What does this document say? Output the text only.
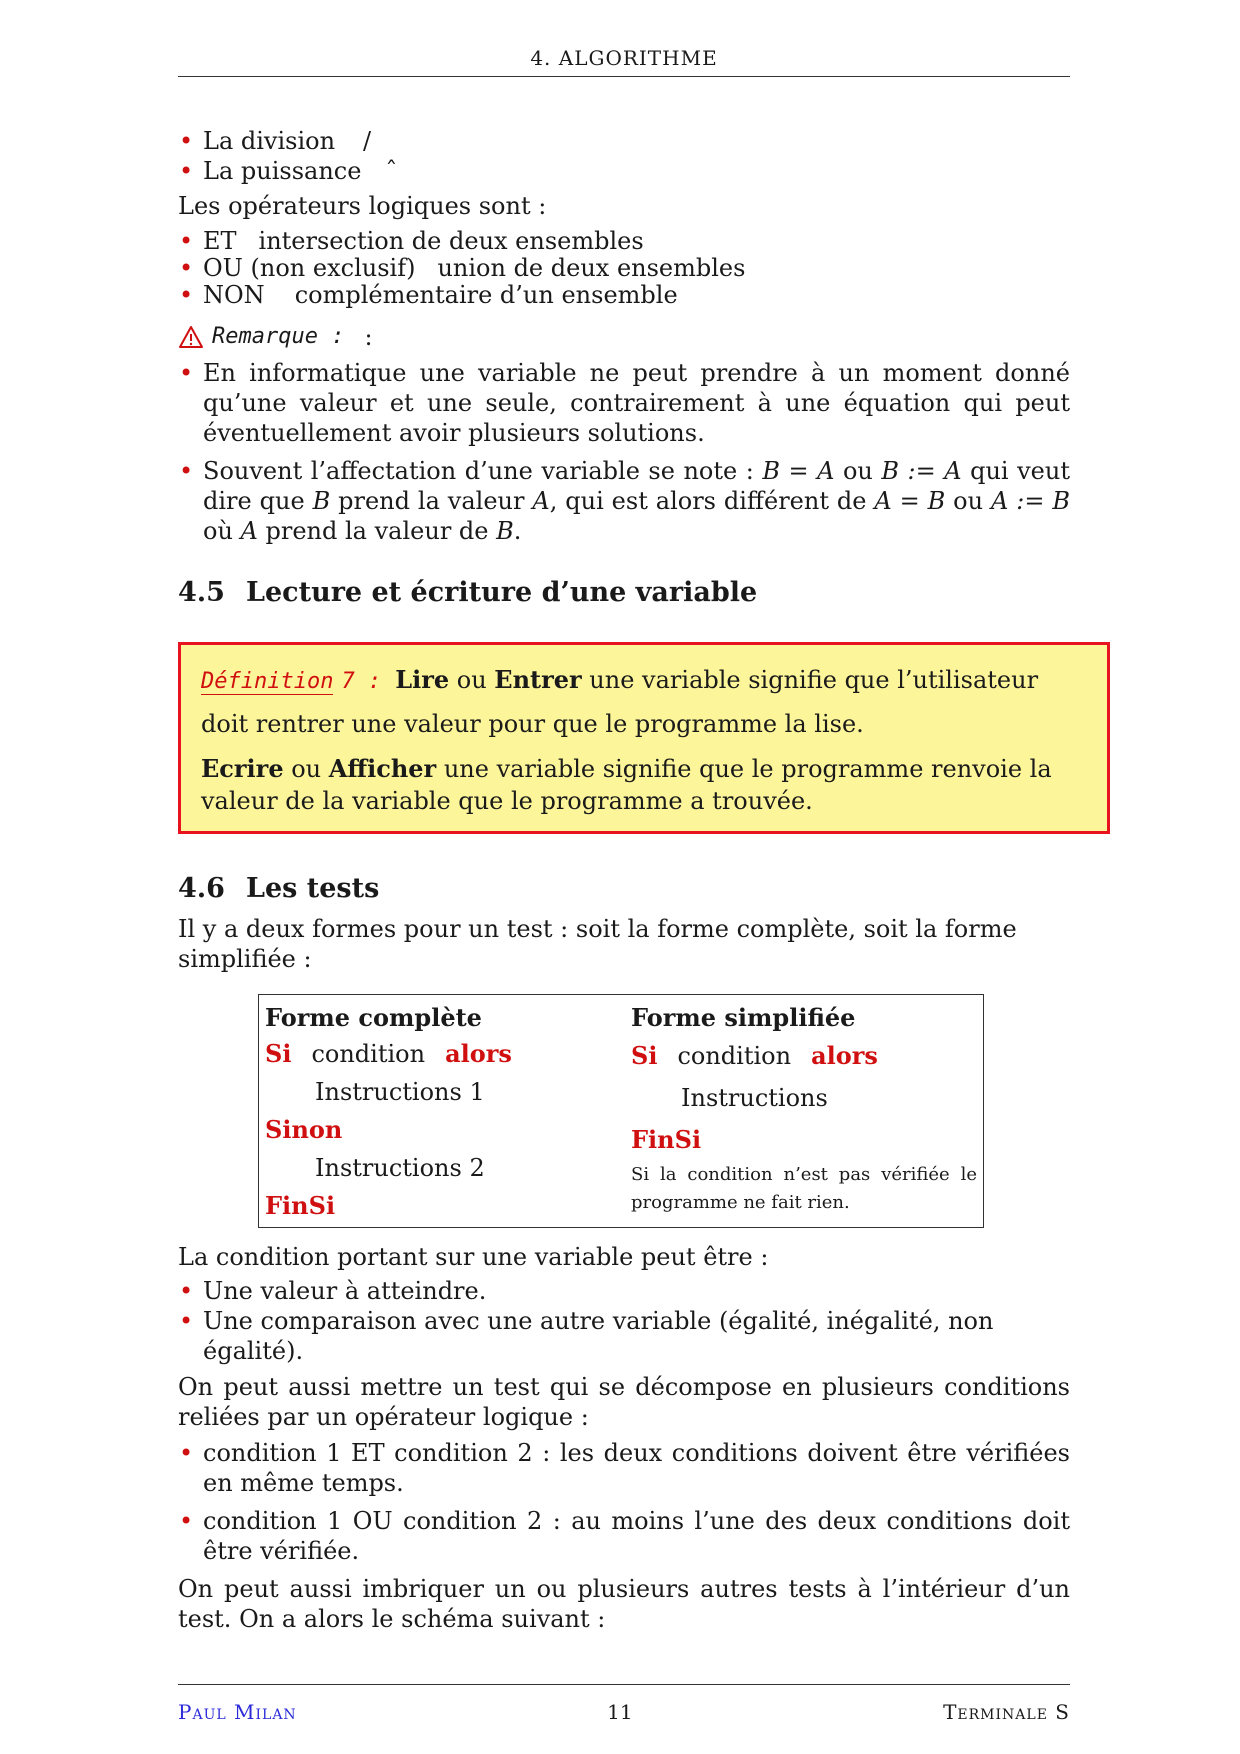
4. ALGORITHME
• La division /
• La puissance ˆ

Les opérateurs logiques sont :

• ET intersection de deux ensembles
• OU (non exclusif) union de deux ensembles
• NON complémentaire d’un ensemble
Remarque : :
• En informatique une variable ne peut prendre à un moment donné qu’une valeur et une seule, contrairement à une équation qui peut éventuellement avoir plusieurs solutions.
• Souvent l’affectation d’une variable se note : B = A ou B := A qui veut dire que B prend la valeur A, qui est alors différent de A = B ou A := B où A prend la valeur de B.
4.5 Lecture et écriture d’une variable

Définition 7 : Lire ou Entrer une variable signifie que l’utilisateur doit rentrer une valeur pour que le programme la lise.

Ecrire ou Afficher une variable signifie que le programme renvoie la valeur de la variable que le programme a trouvée.

4.6 Les tests

Il y a deux formes pour un test : soit la forme complète, soit la forme simplifiée :

Forme complète
Si condition alors
Instructions 1
Sinon
Instructions 2
FinSi
Forme simplifiée
Si condition alors
Instructions
FinSi
Si la condition n’est pas vérifiée le programme ne fait rien.

La condition portant sur une variable peut être :

• Une valeur à atteindre.
• Une comparaison avec une autre variable (égalité, inégalité, non égalité).

On peut aussi mettre un test qui se décompose en plusieurs conditions reliées par un opérateur logique :

• condition 1 ET condition 2 : les deux conditions doivent être vérifiées en même temps.
• condition 1 OU condition 2 : au moins l’une des deux conditions doit être vérifiée.

On peut aussi imbriquer un ou plusieurs autres tests à l’intérieur d’un test. On a alors le schéma suivant :

Paul Milan	11	Terminale S
